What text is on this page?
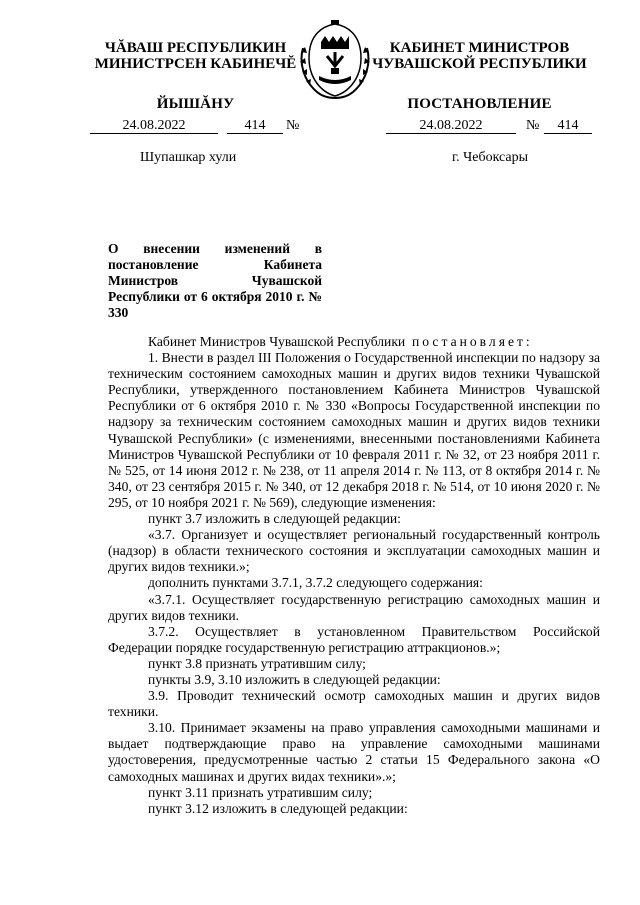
ЧĂВАШ РЕСПУБЛИКИН
МИНИСТРСЕН КАБИНЕЧĔ
ЙЫШĂНУ
КАБИНЕТ МИНИСТРОВ
ЧУВАШСКОЙ РЕСПУБЛИКИ
ПОСТАНОВЛЕНИЕ
24.08.2022	414	№	24.08.2022	№	414
Шупашкар хули	г. Чебоксары
О внесении изменений в постановление Кабинета Министров Чувашской Республики от 6 октября 2010 г. № 330

Кабинет Министров Чувашской Республики постановляет:

1. Внести в раздел III Положения о Государственной инспекции по надзору за техническим состоянием самоходных машин и других видов техники Чувашской Республики, утвержденного постановлением Кабинета Министров Чувашской Республики от 6 октября 2010 г. № 330 «Вопросы Государственной инспекции по надзору за техническим состоянием самоходных машин и других видов техники Чувашской Республики» (с изменениями, внесенными постановлениями Кабинета Министров Чувашской Республики от 10 февраля 2011 г. № 32, от 23 ноября 2011 г. № 525, от 14 июня 2012 г. № 238, от 11 апреля 2014 г. № 113, от 8 октября 2014 г. № 340, от 23 сентября 2015 г. № 340, от 12 декабря 2018 г. № 514, от 10 июня 2020 г. № 295, от 10 ноября 2021 г. № 569), следующие изменения:

пункт 3.7 изложить в следующей редакции:

«3.7. Организует и осуществляет региональный государственный контроль (надзор) в области технического состояния и эксплуатации самоходных машин и других видов техники.»;

дополнить пунктами 3.7.1, 3.7.2 следующего содержания:

«3.7.1. Осуществляет государственную регистрацию самоходных машин и других видов техники.

3.7.2. Осуществляет в установленном Правительством Российской Федерации порядке государственную регистрацию аттракционов.»;

пункт 3.8 признать утратившим силу;

пункты 3.9, 3.10 изложить в следующей редакции:

3.9. Проводит технический осмотр самоходных машин и других видов техники.

3.10. Принимает экзамены на право управления самоходными машинами и выдает подтверждающие право на управление самоходными машинами удостоверения, предусмотренные частью 2 статьи 15 Федерального закона «О самоходных машинах и других видах техники».»;

пункт 3.11 признать утратившим силу;

пункт 3.12 изложить в следующей редакции:
